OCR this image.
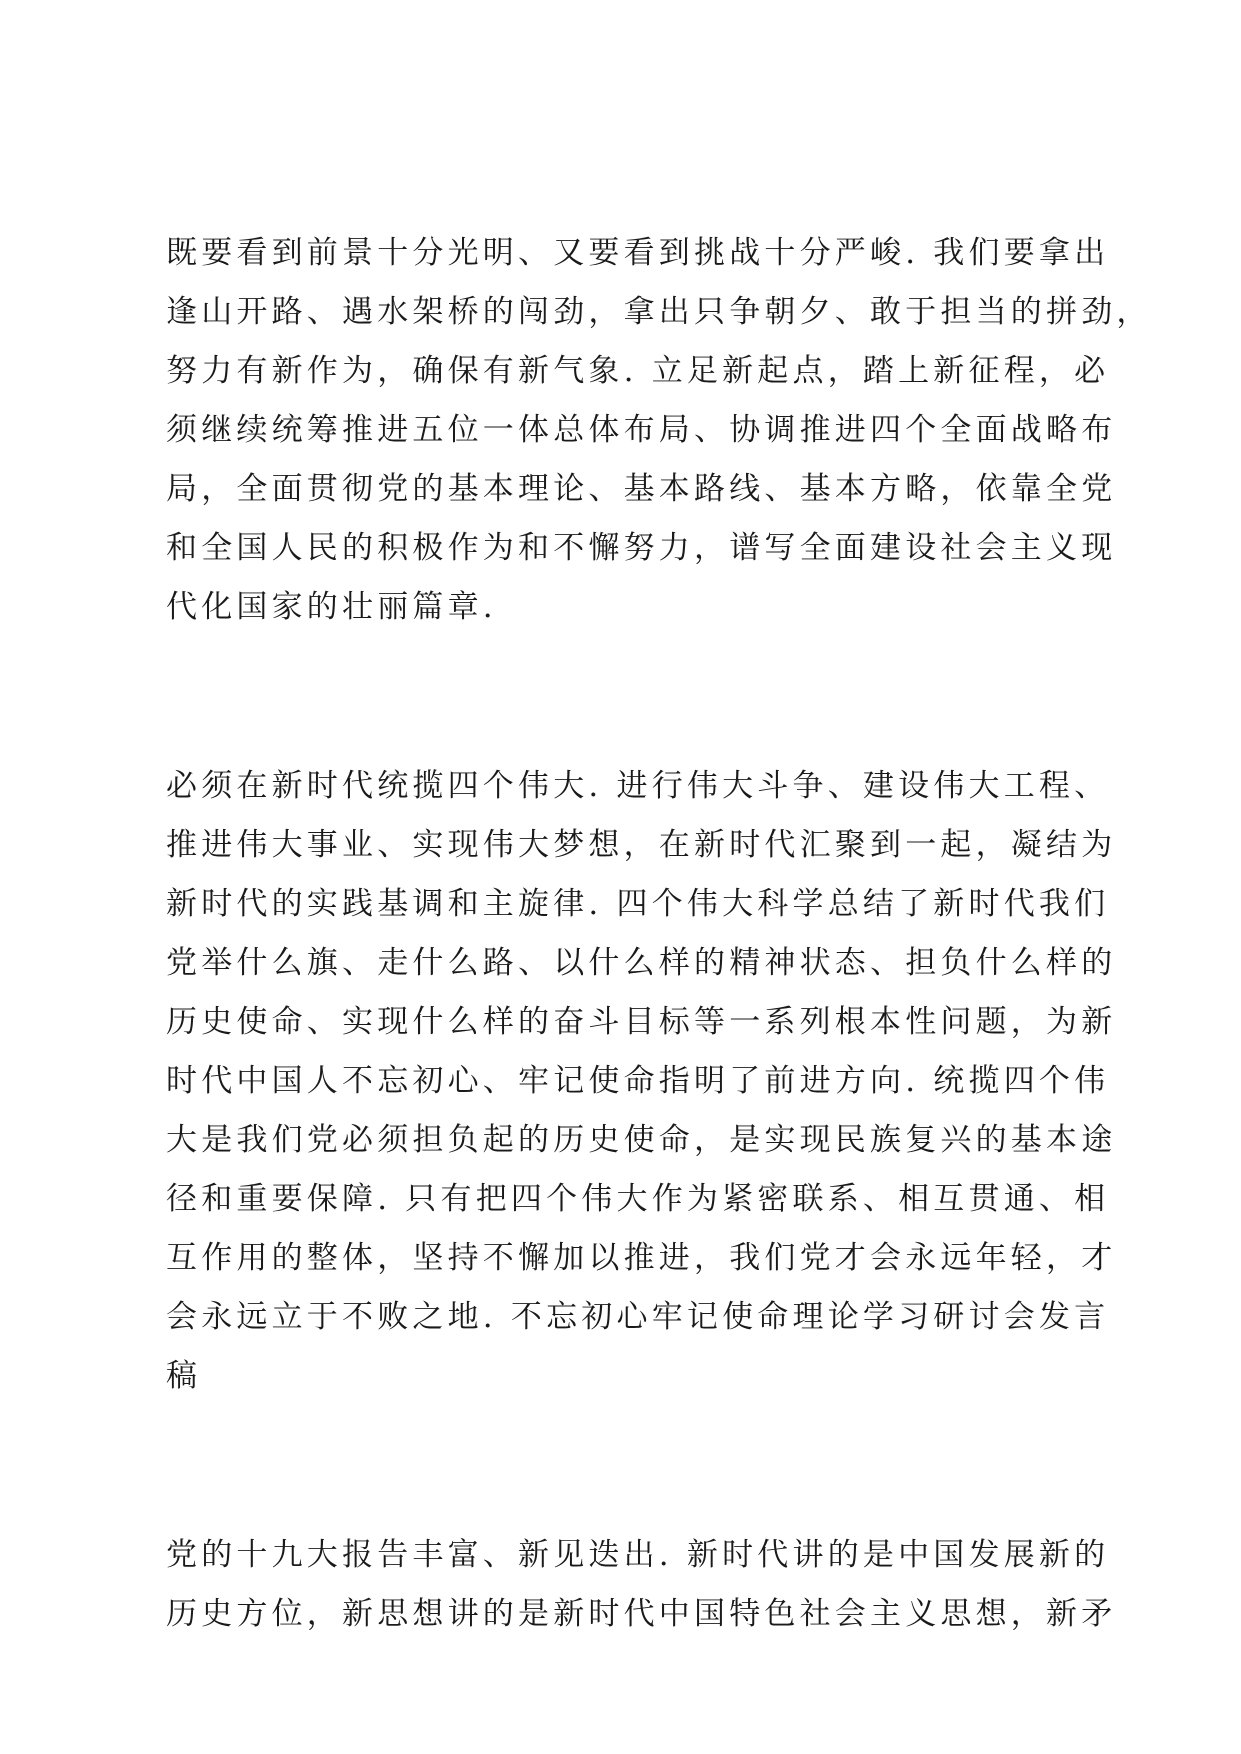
既要看到前景十分光明、又要看到挑战十分严峻. 我们要拿出
逢山开路、遇水架桥的闯劲，拿出只争朝夕、敢于担当的拼劲，
努力有新作为，确保有新气象. 立足新起点，踏上新征程，必
须继续统筹推进五位一体总体布局、协调推进四个全面战略布
局，全面贯彻党的基本理论、基本路线、基本方略，依靠全党
和全国人民的积极作为和不懈努力，谱写全面建设社会主义现
代化国家的壮丽篇章.
必须在新时代统揽四个伟大. 进行伟大斗争、建设伟大工程、
推进伟大事业、实现伟大梦想，在新时代汇聚到一起，凝结为
新时代的实践基调和主旋律. 四个伟大科学总结了新时代我们
党举什么旗、走什么路、以什么样的精神状态、担负什么样的
历史使命、实现什么样的奋斗目标等一系列根本性问题，为新
时代中国人不忘初心、牢记使命指明了前进方向. 统揽四个伟
大是我们党必须担负起的历史使命，是实现民族复兴的基本途
径和重要保障. 只有把四个伟大作为紧密联系、相互贯通、相
互作用的整体，坚持不懈加以推进，我们党才会永远年轻，才
会永远立于不败之地. 不忘初心牢记使命理论学习研讨会发言
稿
党的十九大报告丰富、新见迭出. 新时代讲的是中国发展新的
历史方位，新思想讲的是新时代中国特色社会主义思想，新矛
